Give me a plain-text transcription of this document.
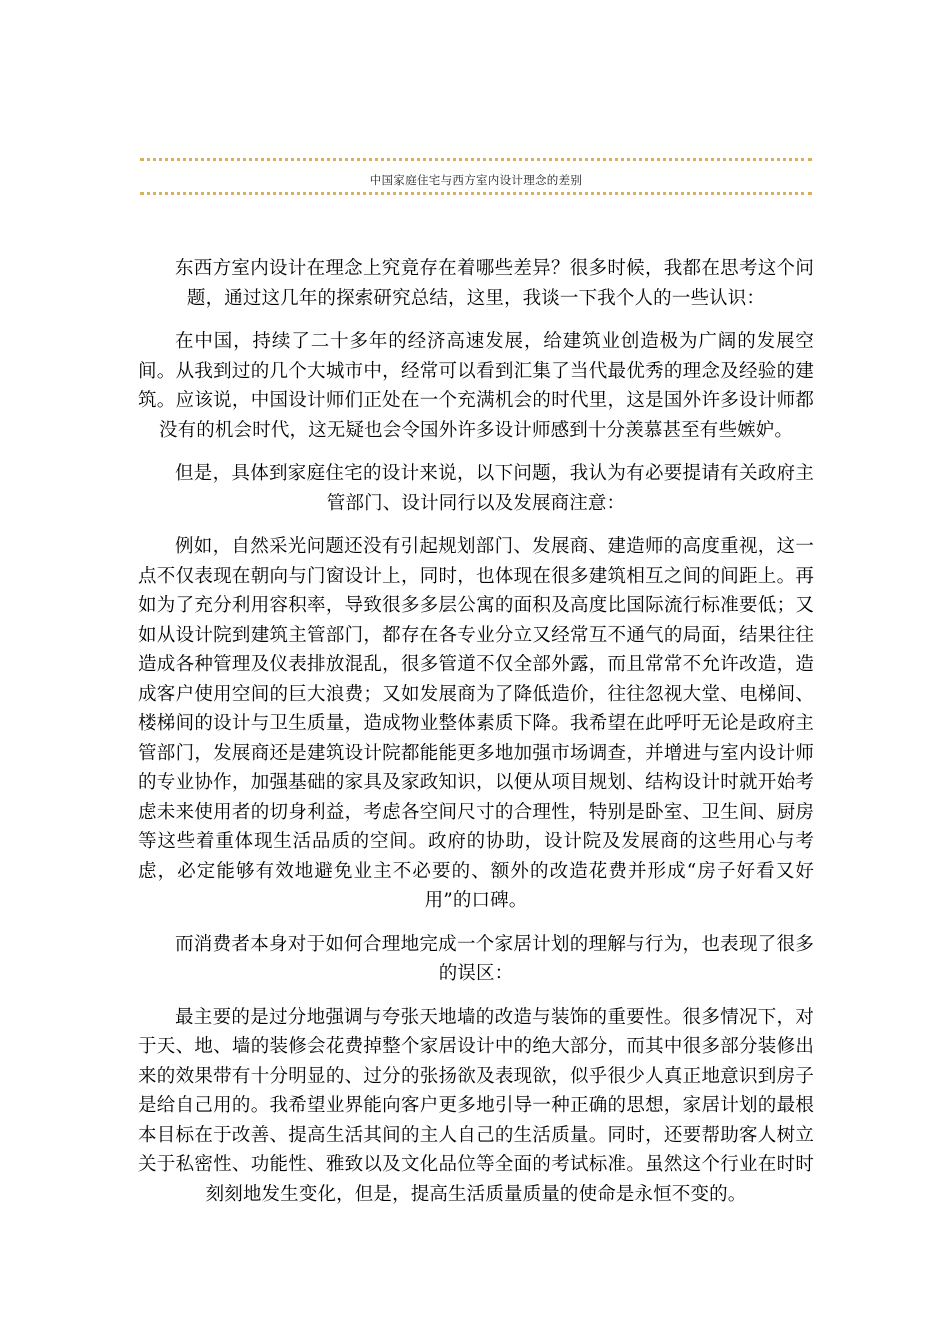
中国家庭住宅与西方室内设计理念的差别

东西方室内设计在理念上究竟存在着哪些差异？很多时候，我都在思考这个问题，通过这几年的探索研究总结，这里，我谈一下我个人的一些认识：

在中国，持续了二十多年的经济高速发展，给建筑业创造极为广阔的发展空间。从我到过的几个大城市中，经常可以看到汇集了当代最优秀的理念及经验的建筑。应该说，中国设计师们正处在一个充满机会的时代里，这是国外许多设计师都没有的机会时代，这无疑也会令国外许多设计师感到十分羡慕甚至有些嫉妒。

但是，具体到家庭住宅的设计来说，以下问题，我认为有必要提请有关政府主管部门、设计同行以及发展商注意：

例如，自然采光问题还没有引起规划部门、发展商、建造师的高度重视，这一点不仅表现在朝向与门窗设计上，同时，也体现在很多建筑相互之间的间距上。再如为了充分利用容积率，导致很多多层公寓的面积及高度比国际流行标准要低；又如从设计院到建筑主管部门，都存在各专业分立又经常互不通气的局面，结果往往造成各种管理及仪表排放混乱，很多管道不仅全部外露，而且常常不允许改造，造成客户使用空间的巨大浪费；又如发展商为了降低造价，往往忽视大堂、电梯间、楼梯间的设计与卫生质量，造成物业整体素质下降。我希望在此呼吁无论是政府主管部门，发展商还是建筑设计院都能能更多地加强市场调查，并增进与室内设计师的专业协作，加强基础的家具及家政知识，以便从项目规划、结构设计时就开始考虑未来使用者的切身利益，考虑各空间尺寸的合理性，特别是卧室、卫生间、厨房等这些着重体现生活品质的空间。政府的协助，设计院及发展商的这些用心与考虑，必定能够有效地避免业主不必要的、额外的改造花费并形成“房子好看又好用”的口碑。

而消费者本身对于如何合理地完成一个家居计划的理解与行为，也表现了很多的误区：

最主要的是过分地强调与夸张天地墙的改造与装饰的重要性。很多情况下，对于天、地、墙的装修会花费掉整个家居设计中的绝大部分，而其中很多部分装修出来的效果带有十分明显的、过分的张扬欲及表现欲，似乎很少人真正地意识到房子是给自己用的。我希望业界能向客户更多地引导一种正确的思想，家居计划的最根本目标在于改善、提高生活其间的主人自己的生活质量。同时，还要帮助客人树立关于私密性、功能性、雅致以及文化品位等全面的考试标准。虽然这个行业在时时刻刻地发生变化，但是，提高生活质量质量的使命是永恒不变的。
